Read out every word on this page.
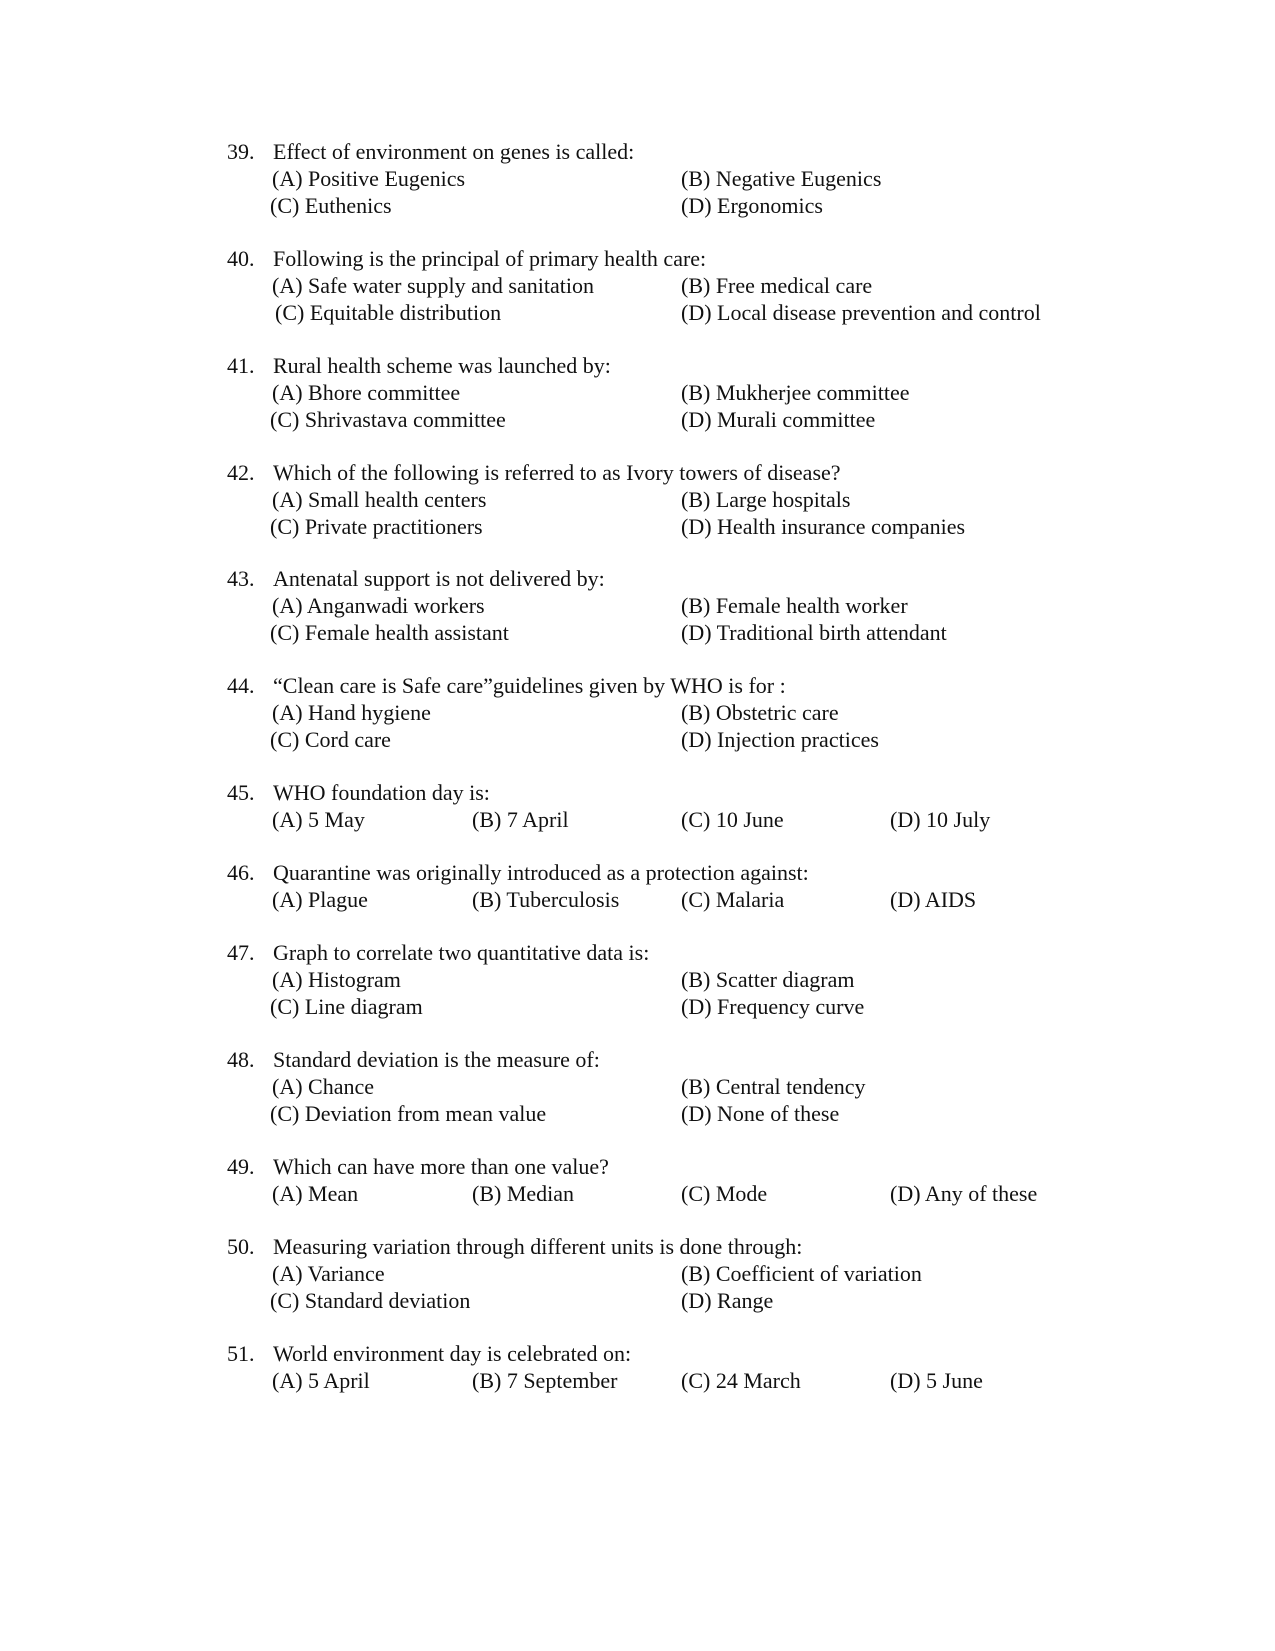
39. Effect of environment on genes is called:
(A) Positive Eugenics	(B) Negative Eugenics
(C) Euthenics	(D) Ergonomics
40. Following is the principal of primary health care:
(A) Safe water supply and sanitation	(B) Free medical care
(C) Equitable distribution	(D) Local disease prevention and control
41. Rural health scheme was launched by:
(A) Bhore committee	(B) Mukherjee committee
(C) Shrivastava committee	(D) Murali committee
42. Which of the following is referred to as Ivory towers of disease?
(A) Small health centers	(B) Large hospitals
(C) Private practitioners	(D) Health insurance companies
43. Antenatal support is not delivered by:
(A) Anganwadi workers	(B) Female health worker
(C) Female health assistant	(D) Traditional birth attendant
44. “Clean care is Safe care”guidelines given by WHO is for :
(A) Hand hygiene	(B) Obstetric care
(C) Cord care	(D) Injection practices
45. WHO foundation day is:
(A) 5 May	(B) 7 April	(C) 10 June	(D) 10 July
46. Quarantine was originally introduced as a protection against:
(A) Plague	(B) Tuberculosis	(C) Malaria	(D) AIDS
47. Graph to correlate two quantitative data is:
(A) Histogram	(B) Scatter diagram
(C) Line diagram	(D) Frequency curve
48. Standard deviation is the measure of:
(A) Chance	(B) Central tendency
(C) Deviation from mean value	(D) None of these
49. Which can have more than one value?
(A) Mean	(B) Median	(C) Mode	(D) Any of these
50. Measuring variation through different units is done through:
(A) Variance	(B) Coefficient of variation
(C) Standard deviation	(D) Range
51. World environment day is celebrated on:
(A) 5 April	(B) 7 September	(C) 24 March	(D) 5 June
